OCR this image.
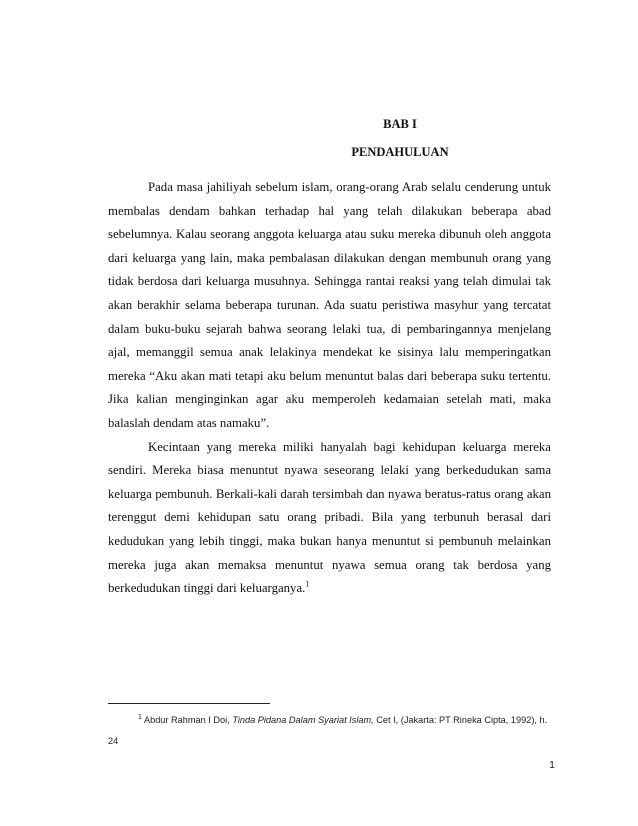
BAB I
PENDAHULUAN

Pada masa jahiliyah sebelum islam, orang-orang Arab selalu cenderung untuk membalas dendam bahkan terhadap hal yang telah dilakukan beberapa abad sebelumnya. Kalau seorang anggota keluarga atau suku mereka dibunuh oleh anggota dari keluarga yang lain, maka pembalasan dilakukan dengan membunuh orang yang tidak berdosa dari keluarga musuhnya. Sehingga rantai reaksi yang telah dimulai tak akan berakhir selama beberapa turunan. Ada suatu peristiwa masyhur yang tercatat dalam buku-buku sejarah bahwa seorang lelaki tua, di pembaringannya menjelang ajal, memanggil semua anak lelakinya mendekat ke sisinya lalu memperingatkan mereka “Aku akan mati tetapi aku belum menuntut balas dari beberapa suku tertentu. Jika kalian menginginkan agar aku memperoleh kedamaian setelah mati, maka balaslah dendam atas namaku”.

Kecintaan yang mereka miliki hanyalah bagi kehidupan keluarga mereka sendiri. Mereka biasa menuntut nyawa seseorang lelaki yang berkedudukan sama keluarga pembunuh. Berkali-kali darah tersimbah dan nyawa beratus-ratus orang akan terenggut demi kehidupan satu orang pribadi. Bila yang terbunuh berasal dari kedudukan yang lebih tinggi, maka bukan hanya menuntut si pembunuh melainkan mereka juga akan memaksa menuntut nyawa semua orang tak berdosa yang berkedudukan tinggi dari keluarganya.$^1$

$^1$ Abdur Rahman I Doi, Tinda Pidana Dalam Syariat Islam, Cet I, (Jakarta: PT Rineka Cipta, 1992), h. 24
1
